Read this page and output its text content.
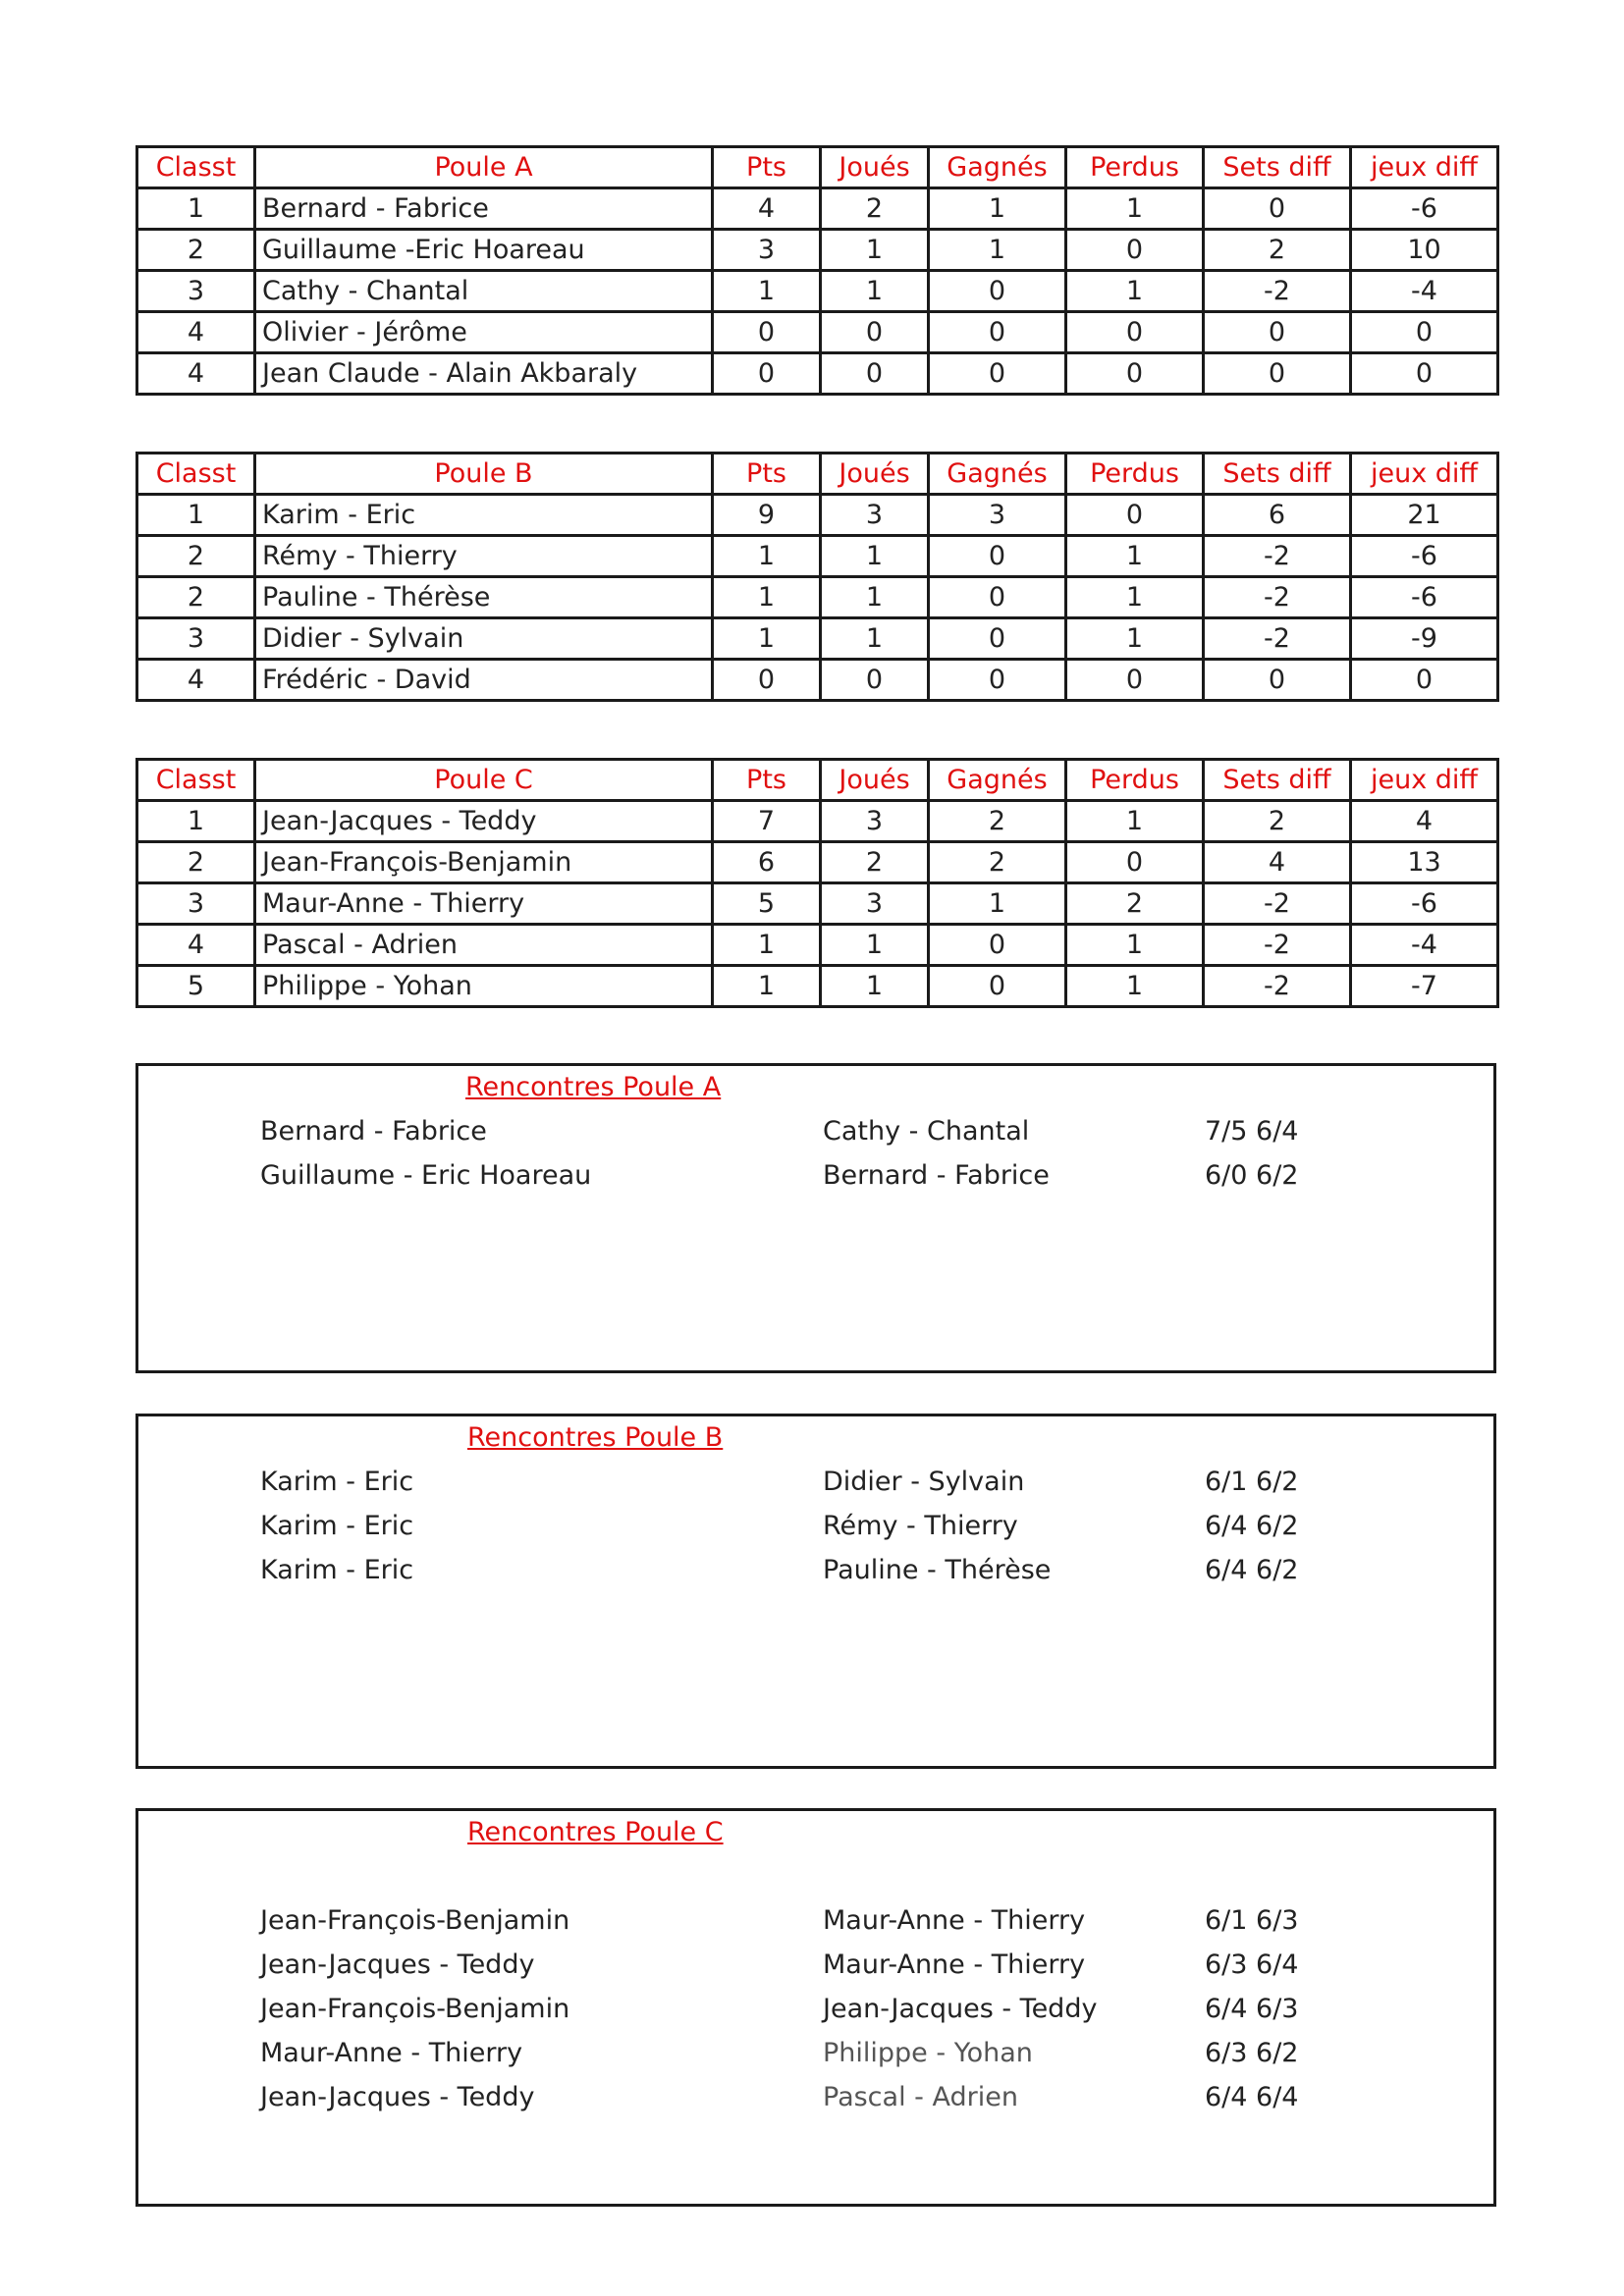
Classt	Poule A	Pts	Joués	Gagnés	Perdus	Sets diff	jeux diff
1	Bernard - Fabrice	4	2	1	1	0	-6
2	Guillaume -Eric Hoareau	3	1	1	0	2	10
3	Cathy - Chantal	1	1	0	1	-2	-4
4	Olivier - Jérôme	0	0	0	0	0	0
4	Jean Claude - Alain Akbaraly	0	0	0	0	0	0
Classt	Poule B	Pts	Joués	Gagnés	Perdus	Sets diff	jeux diff
1	Karim - Eric	9	3	3	0	6	21
2	Rémy - Thierry	1	1	0	1	-2	-6
2	Pauline - Thérèse	1	1	0	1	-2	-6
3	Didier - Sylvain	1	1	0	1	-2	-9
4	Frédéric - David	0	0	0	0	0	0
Classt	Poule C	Pts	Joués	Gagnés	Perdus	Sets diff	jeux diff
1	Jean-Jacques - Teddy	7	3	2	1	2	4
2	Jean-François-Benjamin	6	2	2	0	4	13
3	Maur-Anne - Thierry	5	3	1	2	-2	-6
4	Pascal - Adrien	1	1	0	1	-2	-4
5	Philippe - Yohan	1	1	0	1	-2	-7
Rencontres Poule A
Bernard - Fabrice	Cathy - Chantal	7/5 6/4
Guillaume - Eric Hoareau	Bernard - Fabrice	6/0 6/2
Rencontres Poule B
Karim - Eric	Didier - Sylvain	6/1 6/2
Karim - Eric	Rémy - Thierry	6/4 6/2
Karim - Eric	Pauline - Thérèse	6/4 6/2
Rencontres Poule C
Jean-François-Benjamin	Maur-Anne - Thierry	6/1 6/3
Jean-Jacques - Teddy	Maur-Anne - Thierry	6/3 6/4
Jean-François-Benjamin	Jean-Jacques - Teddy	6/4 6/3
Maur-Anne - Thierry	Philippe - Yohan	6/3 6/2
Jean-Jacques - Teddy	Pascal - Adrien	6/4 6/4
